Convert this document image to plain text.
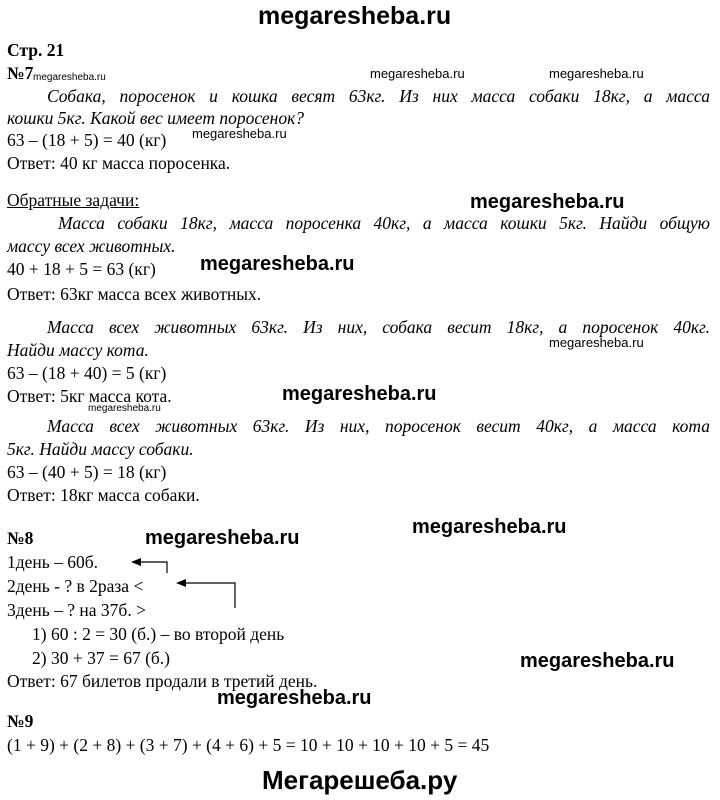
megaresheba.ru
Стр. 21
№7 megaresheba.ru	megaresheba.ru	megaresheba.ru
Собака, поросенок и кошка весят 63кг. Из них масса собаки 18кг, а масса
кошки 5кг. Какой вес имеет поросенок?
63 – (18 + 5) = 40 (кг) megaresheba.ru
Ответ: 40 кг масса поросенка.
Обратные задачи:	megaresheba.ru
Масса собаки 18кг, масса поросенка 40кг, а масса кошки 5кг. Найди общую
массу всех животных.
40 + 18 + 5 = 63 (кг) megaresheba.ru
Ответ: 63кг масса всех животных.
Масса всех животных 63кг. Из них, собака весит 18кг, а поросенок 40кг.
Найди массу кота.	megaresheba.ru
63 – (18 + 40) = 5 (кг)
Ответ: 5кг масса кота.	megaresheba.ru
megaresheba.ru
Масса всех животных 63кг. Из них, поросенок весит 40кг, а масса кота
5кг. Найди массу собаки.
63 – (40 + 5) = 18 (кг)
Ответ: 18кг масса собаки.
№8	megaresheba.ru	megaresheba.ru
1день – 60б.
2день - ? в 2раза <
3день – ? на 37б. >
1) 60 : 2 = 30 (б.) – во второй день
2) 30 + 37 = 67 (б.)	megaresheba.ru
Ответ: 67 билетов продали в третий день.
megaresheba.ru
№9
(1 + 9) + (2 + 8) + (3 + 7) + (4 + 6) + 5 = 10 + 10 + 10 + 10 + 5 = 45
Мегарешеба.ру
